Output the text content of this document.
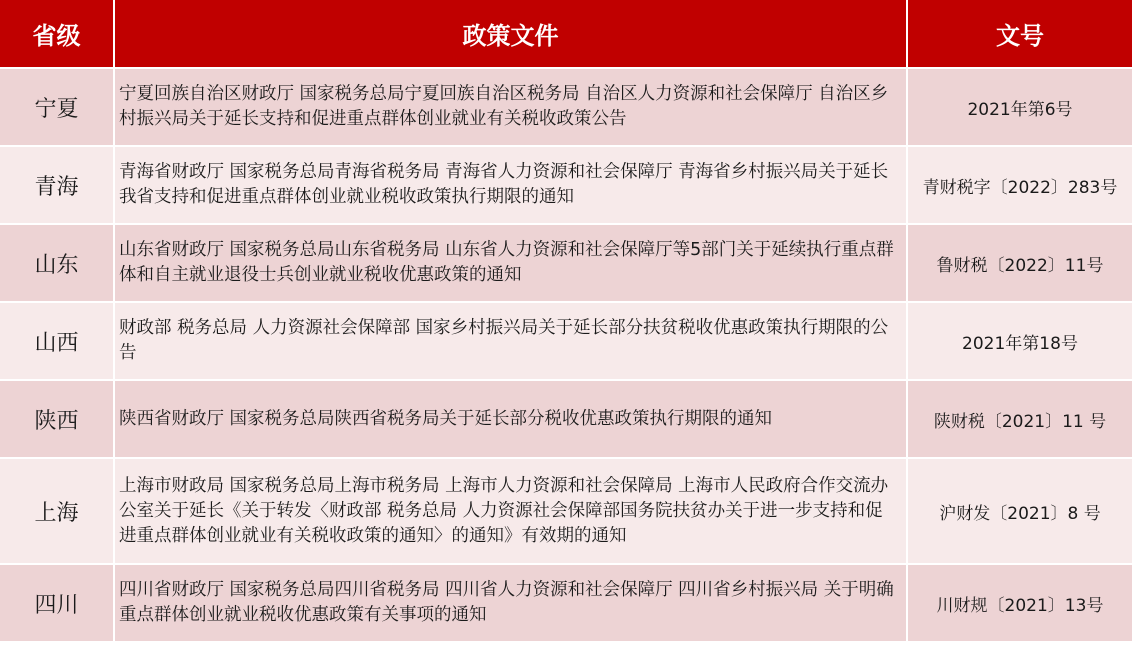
省级	政策文件	文号
宁夏	宁夏回族自治区财政厅 国家税务总局宁夏回族自治区税务局 自治区人力资源和社会保障厅 自治区乡村振兴局关于延长支持和促进重点群体创业就业有关税收政策公告	2021年第6号
青海	青海省财政厅 国家税务总局青海省税务局 青海省人力资源和社会保障厅 青海省乡村振兴局关于延长我省支持和促进重点群体创业就业税收政策执行期限的通知	青财税字〔2022〕283号
山东	山东省财政厅 国家税务总局山东省税务局 山东省人力资源和社会保障厅等5部门关于延续执行重点群体和自主就业退役士兵创业就业税收优惠政策的通知	鲁财税〔2022〕11号
山西	财政部 税务总局 人力资源社会保障部 国家乡村振兴局关于延长部分扶贫税收优惠政策执行期限的公告	2021年第18号
陕西	陕西省财政厅 国家税务总局陕西省税务局关于延长部分税收优惠政策执行期限的通知	陕财税〔2021〕11 号
上海	上海市财政局 国家税务总局上海市税务局 上海市人力资源和社会保障局 上海市人民政府合作交流办公室关于延长《关于转发〈财政部 税务总局 人力资源社会保障部国务院扶贫办关于进一步支持和促进重点群体创业就业有关税收政策的通知〉的通知》有效期的通知	沪财发〔2021〕8 号
四川	四川省财政厅 国家税务总局四川省税务局 四川省人力资源和社会保障厅 四川省乡村振兴局 关于明确重点群体创业就业税收优惠政策有关事项的通知	川财规〔2021〕13号
